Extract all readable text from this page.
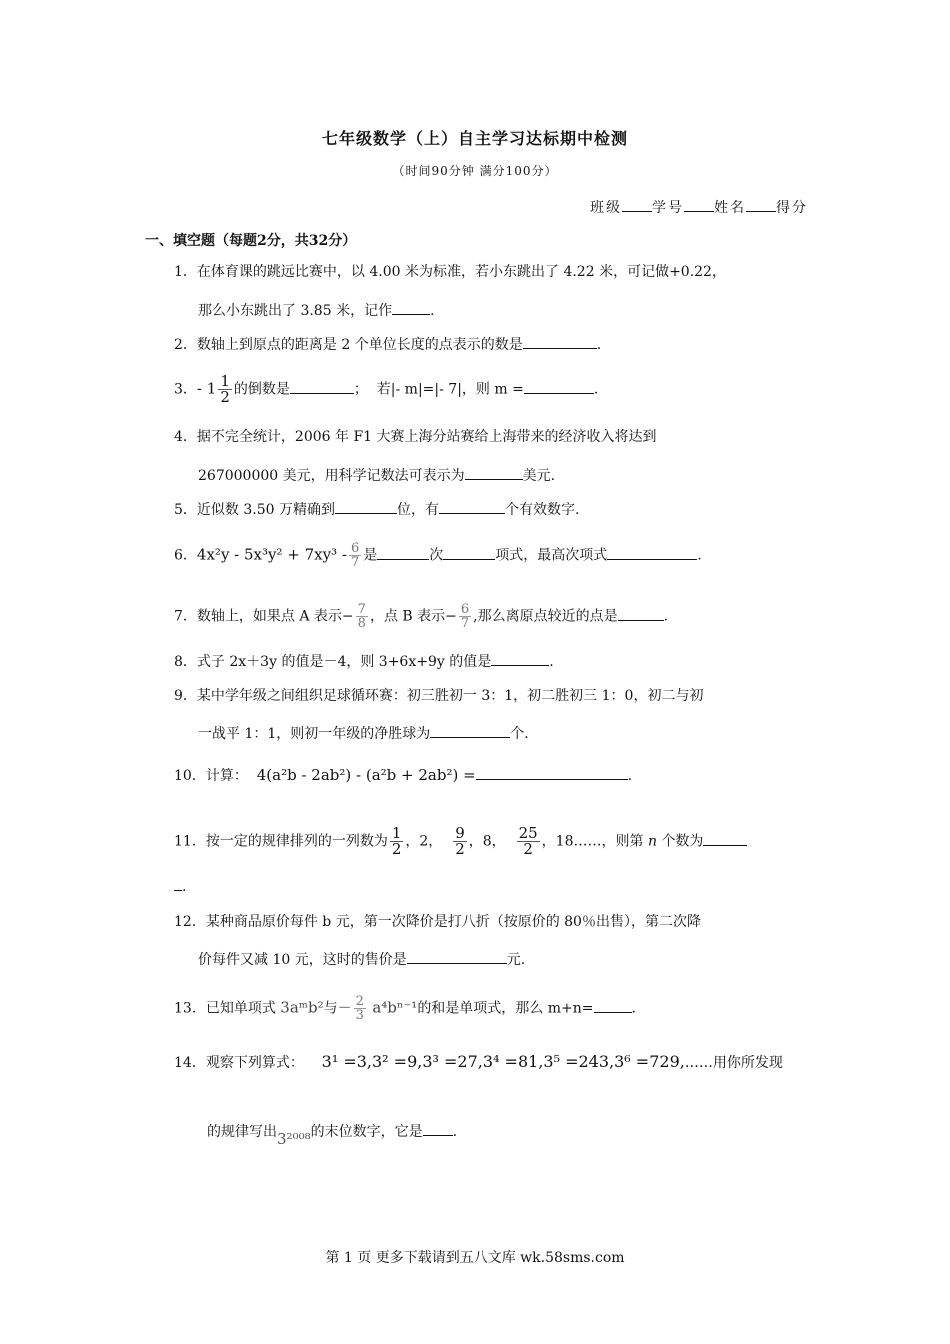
七年级数学（上）自主学习达标期中检测
（时间90分钟 满分100分）
班级 学号 姓名 得分
一、填空题（每题2分，共32分）
1．在体育课的跳远比赛中，以 4.00 米为标准，若小东跳出了 4.22 米，可记做+0.22，
那么小东跳出了 3.85 米，记作	.
2．数轴上到原点的距离是 2 个单位长度的点表示的数是	.
3．- $1 \frac{1}{2}$ 的倒数是	； 若|- m|=|- 7|，则 m =	.
4．据不完全统计，2006 年 F1 大赛上海分站赛给上海带来的经济收入将达到
267000000 美元，用科学记数法可表示为	美元.
5．近似数 3.50 万精确到	位，有	个有效数字.
6．$4x^2y - 5x^3y^2 + 7xy^3 - \frac{6}{7}$ 是	次	项式，最高次项式	.
7．数轴上，如果点 A 表示− $\frac{7}{8}$ ，点 B 表示− $\frac{6}{7}$ ,那么离原点较近的点是	.
8．式子 2x＋3y 的值是－4，则 3+6x+9y 的值是	.
9．某中学年级之间组织足球循环赛：初三胜初一 3：1，初二胜初三 1：0，初二与初
一战平 1：1，则初一年级的净胜球为	个.
10．计算： 4(a²b - 2ab²) - (a²b + 2ab²) =	.
11．按一定的规律排列的一列数为 $\frac{1}{2}$ ，2， $\frac{9}{2}$ ，8， $\frac{25}{2}$ ，18……，则第 n 个数为
.
12．某种商品原价每件 b 元，第一次降价是打八折（按原价的 80％出售），第二次降
价每件又减 10 元，这时的售价是	元.
13．已知单项式 3aᵐb²与－ $\frac{2}{3} a^4b^{n-1}$的和是单项式，那么 m+n=	.
14．观察下列算式： 3¹ =3,3² =9,3³ =27,3⁴ =81,3⁵ =243,3⁶ =729,……用你所发现
的规律写出3²⁰⁰⁸的末位数字，它是 .
第 1 页 更多下载请到五八文库 wk.58sms.com
